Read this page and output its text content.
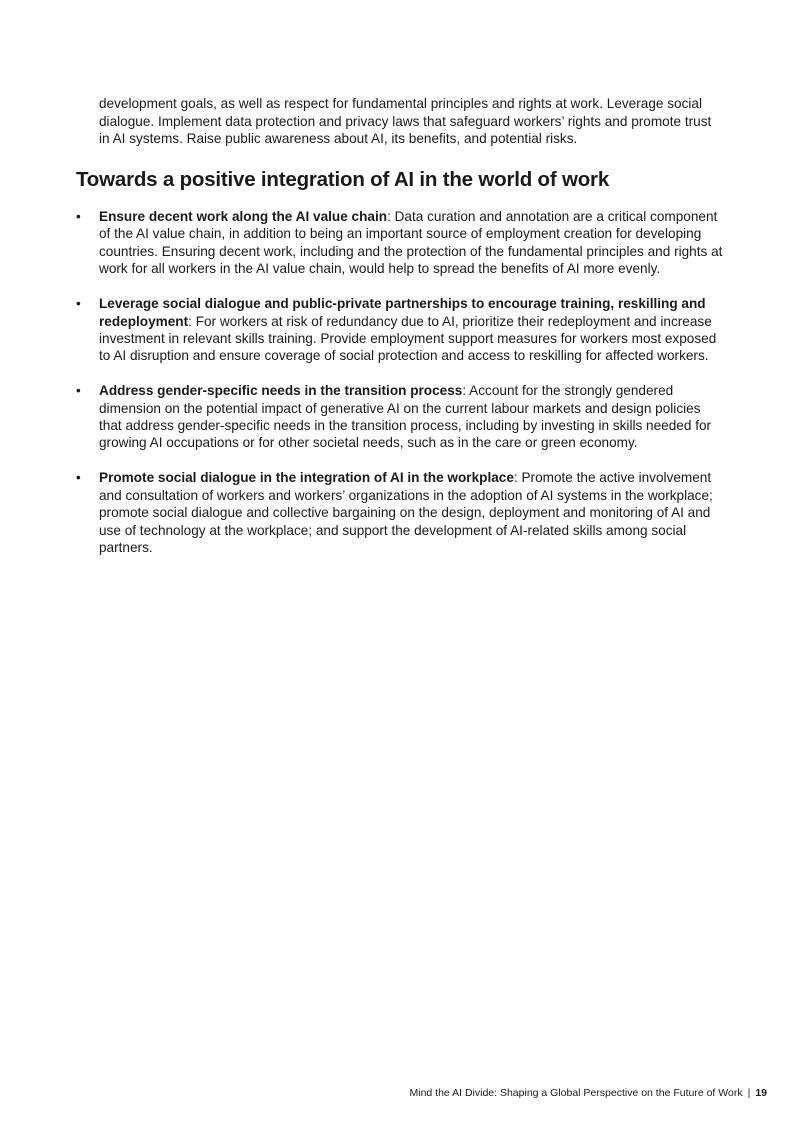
development goals, as well as respect for fundamental principles and rights at work. Leverage social dialogue. Implement data protection and privacy laws that safeguard workers’ rights and promote trust in AI systems. Raise public awareness about AI, its benefits, and potential risks.

Towards a positive integration of AI in the world of work
•	Ensure decent work along the AI value chain: Data curation and annotation are a critical component of the AI value chain, in addition to being an important source of employment creation for developing countries. Ensuring decent work, including and the protection of the fundamental principles and rights at work for all workers in the AI value chain, would help to spread the benefits of AI more evenly.
•	Leverage social dialogue and public-private partnerships to encourage training, reskilling and redeployment: For workers at risk of redundancy due to AI, prioritize their redeployment and increase investment in relevant skills training. Provide employment support measures for workers most exposed to AI disruption and ensure coverage of social protection and access to reskilling for affected workers.
•	Address gender-specific needs in the transition process: Account for the strongly gendered dimension on the potential impact of generative AI on the current labour markets and design policies that address gender-specific needs in the transition process, including by investing in skills needed for growing AI occupations or for other societal needs, such as in the care or green economy.
•	Promote social dialogue in the integration of AI in the workplace: Promote the active involvement and consultation of workers and workers’ organizations in the adoption of AI systems in the workplace; promote social dialogue and collective bargaining on the design, deployment and monitoring of AI and use of technology at the workplace; and support the development of AI-related skills among social partners.
Mind the AI Divide: Shaping a Global Perspective on the Future of Work | 19
